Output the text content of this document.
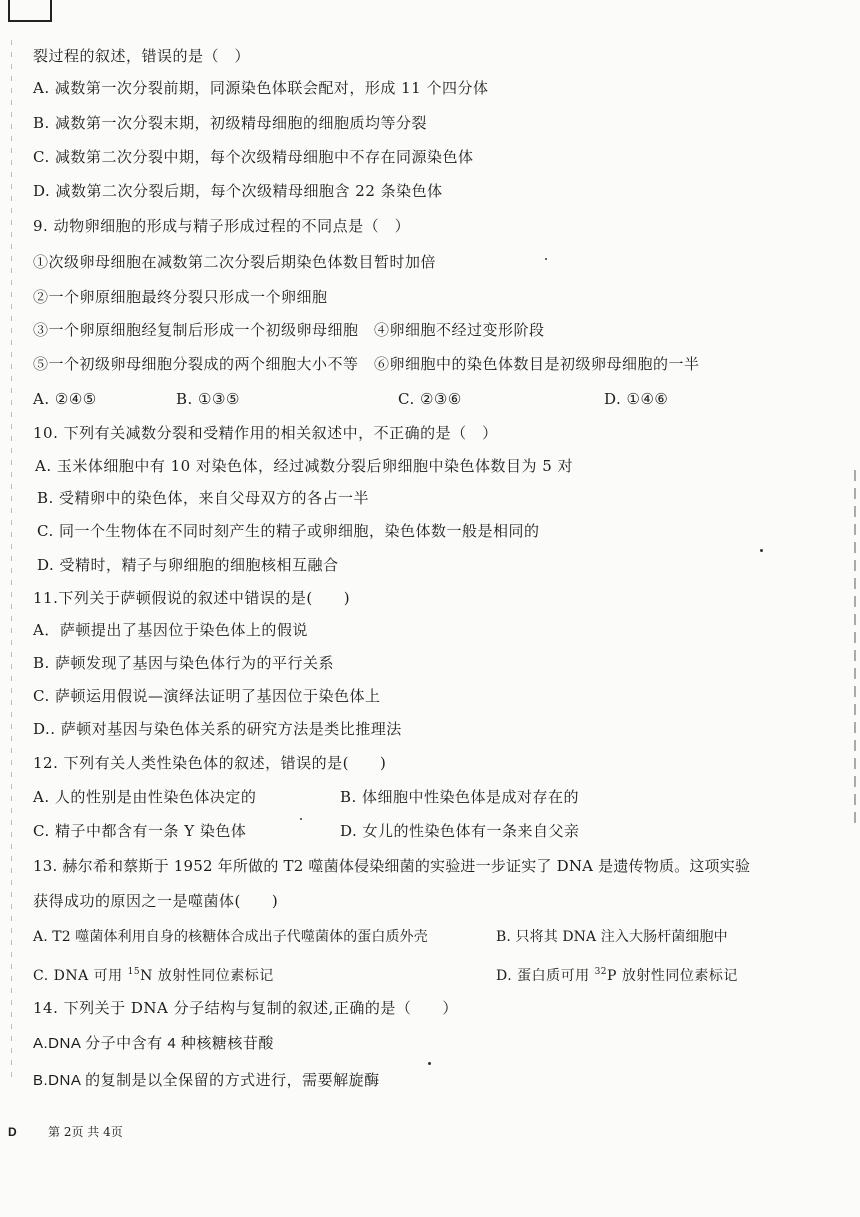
裂过程的叙述，错误的是（　）
A. 减数第一次分裂前期，同源染色体联会配对，形成 11 个四分体
B. 减数第一次分裂末期，初级精母细胞的细胞质均等分裂
C. 减数第二次分裂中期，每个次级精母细胞中不存在同源染色体
D. 减数第二次分裂后期，每个次级精母细胞含 22 条染色体
9. 动物卵细胞的形成与精子形成过程的不同点是（　）
①次级卵母细胞在减数第二次分裂后期染色体数目暂时加倍
②一个卵原细胞最终分裂只形成一个卵细胞
③一个卵原细胞经复制后形成一个初级卵母细胞　④卵细胞不经过变形阶段
⑤一个初级卵母细胞分裂成的两个细胞大小不等　⑥卵细胞中的染色体数目是初级卵母细胞的一半
A. ②④⑤	B. ①③⑤	C. ②③⑥	D. ①④⑥
10. 下列有关减数分裂和受精作用的相关叙述中，不正确的是（　）
A. 玉米体细胞中有 10 对染色体，经过减数分裂后卵细胞中染色体数目为 5 对
B. 受精卵中的染色体，来自父母双方的各占一半
C. 同一个生物体在不同时刻产生的精子或卵细胞，染色体数一般是相同的
D. 受精时，精子与卵细胞的细胞核相互融合
11.下列关于萨顿假说的叙述中错误的是(　　)
A．萨顿提出了基因位于染色体上的假说
B. 萨顿发现了基因与染色体行为的平行关系
C. 萨顿运用假说—演绎法证明了基因位于染色体上
D.. 萨顿对基因与染色体关系的研究方法是类比推理法
12. 下列有关人类性染色体的叙述，错误的是(　　)
A. 人的性别是由性染色体决定的	B. 体细胞中性染色体是成对存在的
C. 精子中都含有一条 Y 染色体	D. 女儿的性染色体有一条来自父亲
13. 赫尔希和蔡斯于 1952 年所做的 T2 噬菌体侵染细菌的实验进一步证实了 DNA 是遗传物质。这项实验
获得成功的原因之一是噬菌体(　　)
A. T2 噬菌体利用自身的核糖体合成出子代噬菌体的蛋白质外壳	B. 只将其 DNA 注入大肠杆菌细胞中
C. DNA 可用 $^{15}$N 放射性同位素标记	D. 蛋白质可用 $^{32}$P 放射性同位素标记
14. 下列关于 DNA 分子结构与复制的叙述,正确的是（　　）
A.DNA 分子中含有 4 种核糖核苷酸
B.DNA 的复制是以全保留的方式进行，需要解旋酶
D	第 2页 共 4页
